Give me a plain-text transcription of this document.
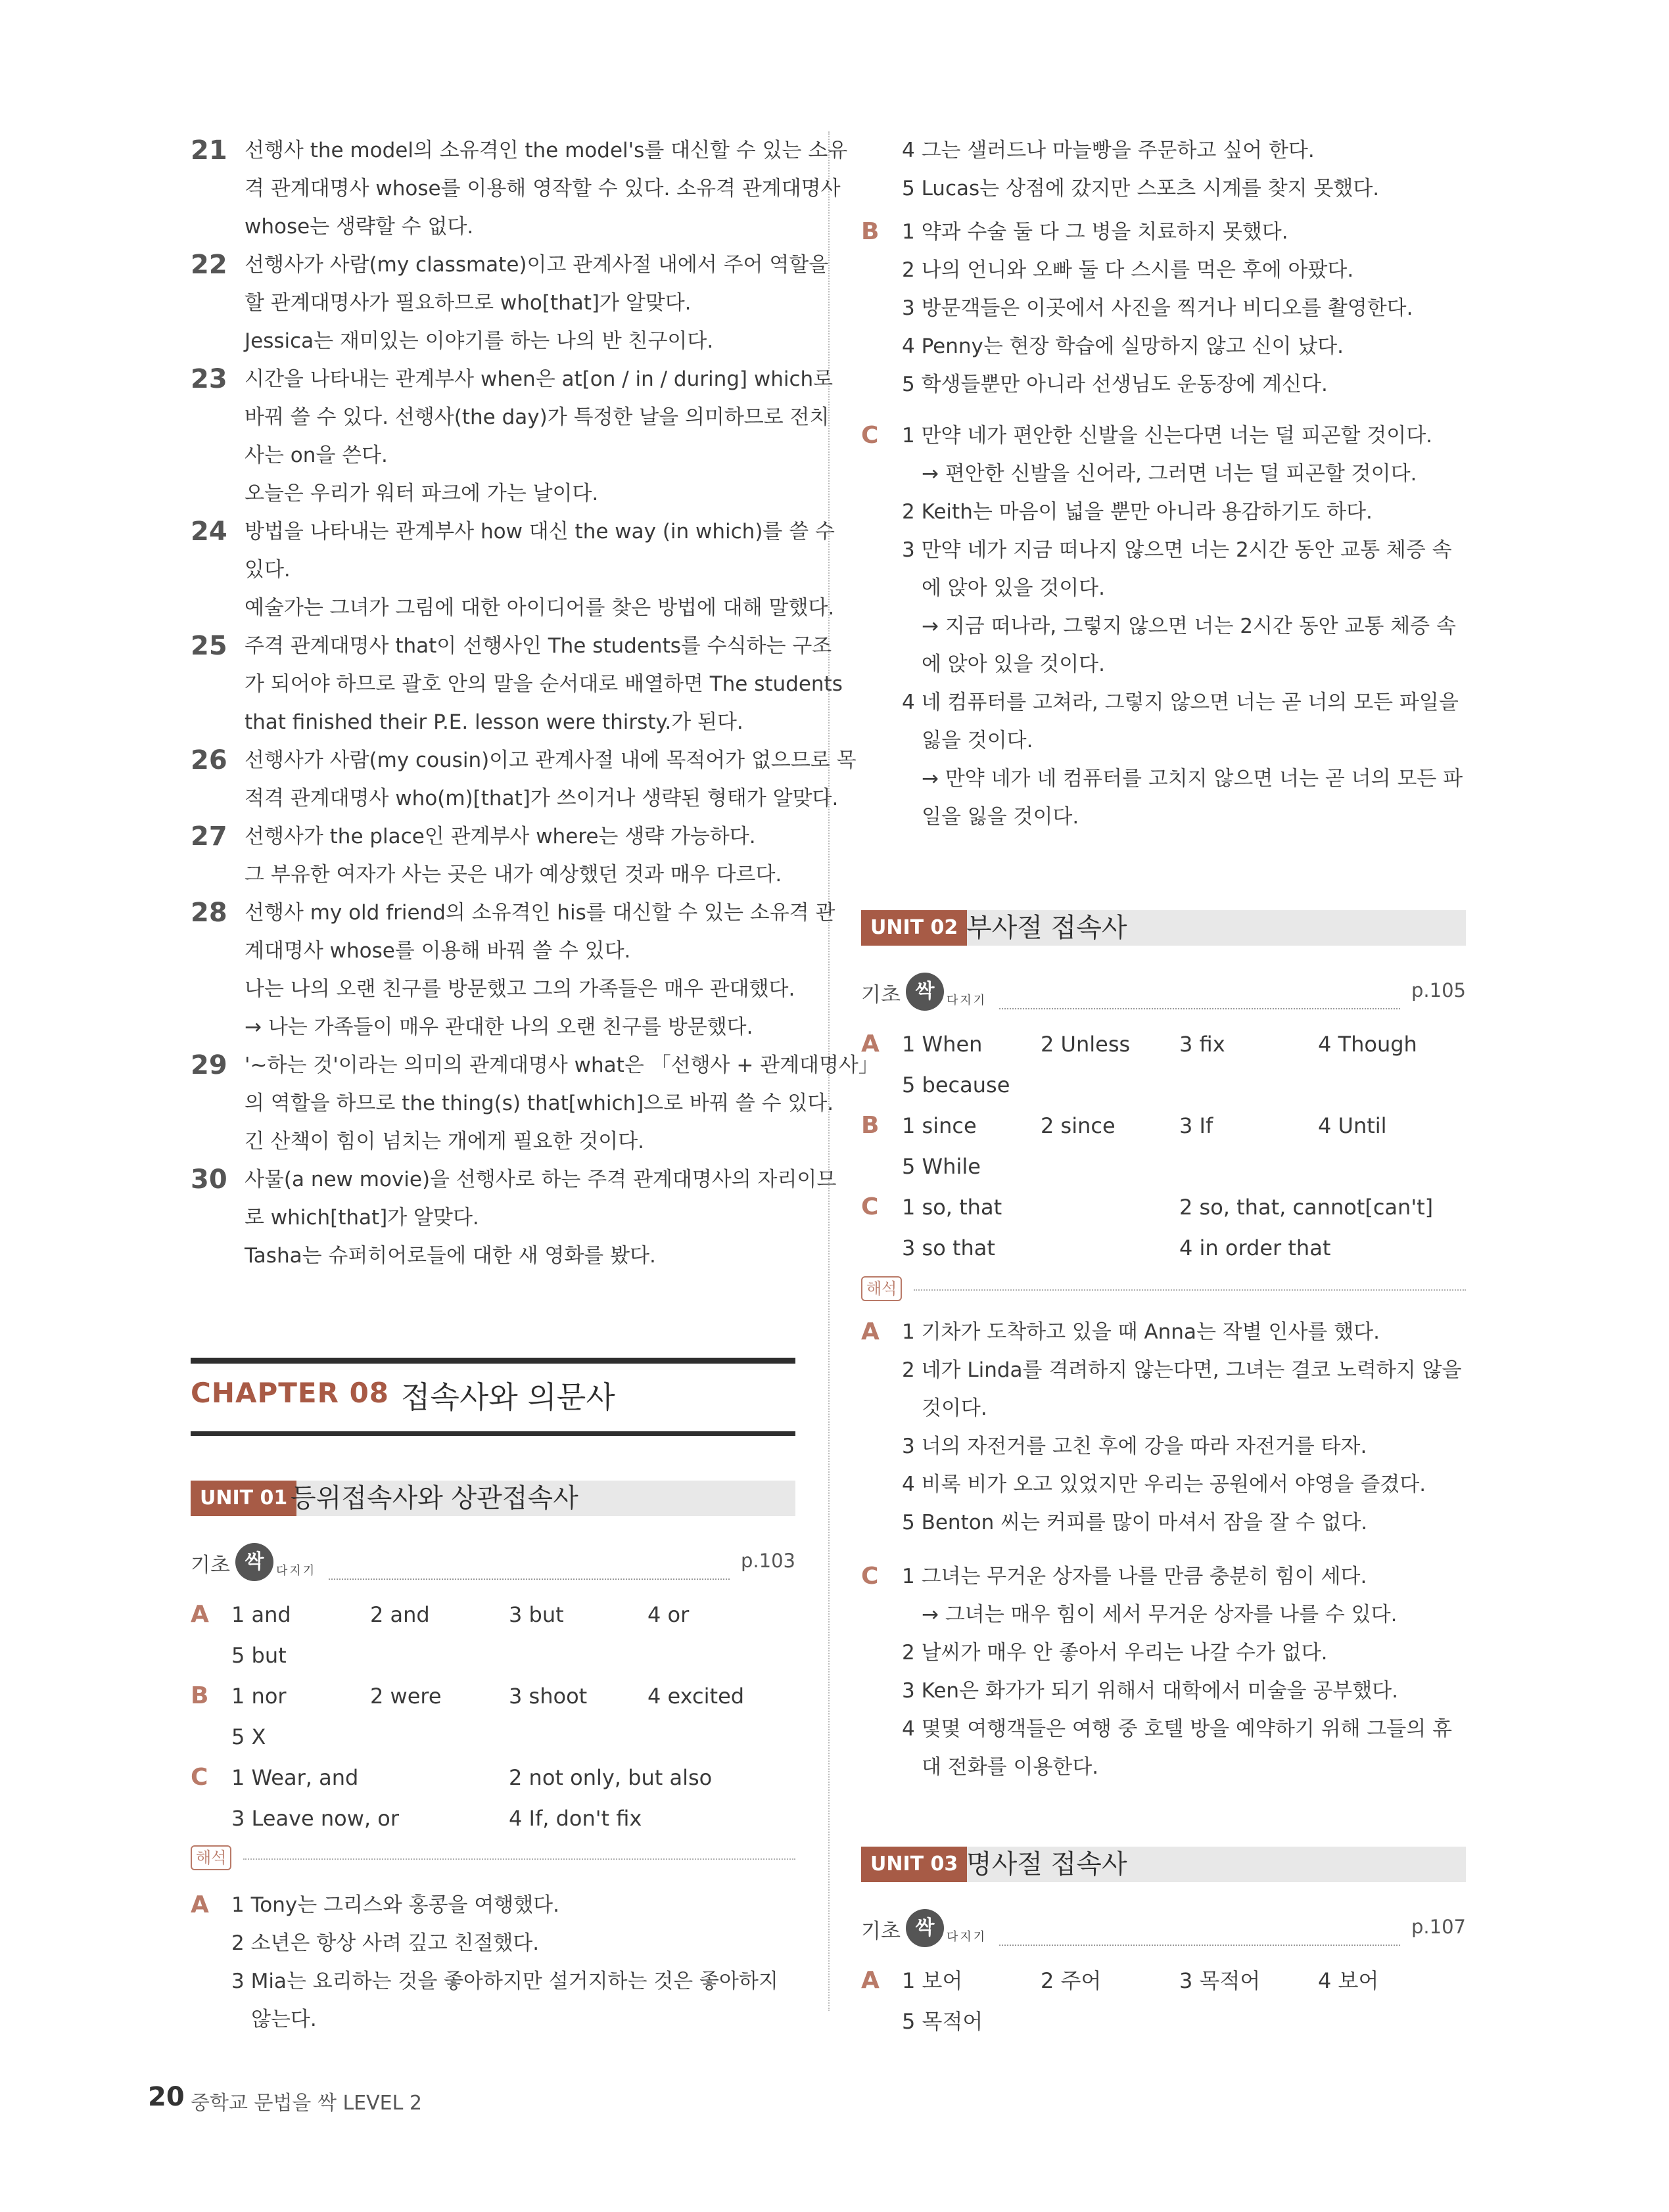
21 선행사 the model의 소유격인 the model's를 대신할 수 있는 소유
격 관계대명사 whose를 이용해 영작할 수 있다. 소유격 관계대명사
whose는 생략할 수 없다.
22 선행사가 사람(my classmate)이고 관계사절 내에서 주어 역할을
할 관계대명사가 필요하므로 who[that]가 알맞다.
Jessica는 재미있는 이야기를 하는 나의 반 친구이다.
23 시간을 나타내는 관계부사 when은 at[on / in / during] which로
바꿔 쓸 수 있다. 선행사(the day)가 특정한 날을 의미하므로 전치
사는 on을 쓴다.
오늘은 우리가 워터 파크에 가는 날이다.
24 방법을 나타내는 관계부사 how 대신 the way (in which)를 쓸 수
있다.
예술가는 그녀가 그림에 대한 아이디어를 찾은 방법에 대해 말했다.
25 주격 관계대명사 that이 선행사인 The students를 수식하는 구조
가 되어야 하므로 괄호 안의 말을 순서대로 배열하면 The students
that finished their P.E. lesson were thirsty.가 된다.
26 선행사가 사람(my cousin)이고 관계사절 내에 목적어가 없으므로 목
적격 관계대명사 who(m)[that]가 쓰이거나 생략된 형태가 알맞다.
27 선행사가 the place인 관계부사 where는 생략 가능하다.
그 부유한 여자가 사는 곳은 내가 예상했던 것과 매우 다르다.
28 선행사 my old friend의 소유격인 his를 대신할 수 있는 소유격 관
계대명사 whose를 이용해 바꿔 쓸 수 있다.
나는 나의 오랜 친구를 방문했고 그의 가족들은 매우 관대했다.
→ 나는 가족들이 매우 관대한 나의 오랜 친구를 방문했다.
29 '~하는 것'이라는 의미의 관계대명사 what은 「선행사 + 관계대명사」
의 역할을 하므로 the thing(s) that[which]으로 바꿔 쓸 수 있다.
긴 산책이 힘이 넘치는 개에게 필요한 것이다.
30 사물(a new movie)을 선행사로 하는 주격 관계대명사의 자리이므
로 which[that]가 알맞다.
Tasha는 슈퍼히어로들에 대한 새 영화를 봤다.
CHAPTER 08 접속사와 의문사
UNIT 01 등위접속사와 상관접속사
기초 싹	다지기	p.103
A 1 and	2 and	3 but	4 or
5 but
B 1 nor	2 were	3 shoot	4 excited
5 X
C 1 Wear, and	2 not only, but also
3 Leave now, or	4 If, don't fix
해석
A 1 Tony는 그리스와 홍콩을 여행했다.
2 소년은 항상 사려 깊고 친절했다.
3 Mia는 요리하는 것을 좋아하지만 설거지하는 것은 좋아하지
않는다.
4 그는 샐러드나 마늘빵을 주문하고 싶어 한다.
5 Lucas는 상점에 갔지만 스포츠 시계를 찾지 못했다.
B 1 약과 수술 둘 다 그 병을 치료하지 못했다.
2 나의 언니와 오빠 둘 다 스시를 먹은 후에 아팠다.
3 방문객들은 이곳에서 사진을 찍거나 비디오를 촬영한다.
4 Penny는 현장 학습에 실망하지 않고 신이 났다.
5 학생들뿐만 아니라 선생님도 운동장에 계신다.
C 1 만약 네가 편안한 신발을 신는다면 너는 덜 피곤할 것이다.
→ 편안한 신발을 신어라, 그러면 너는 덜 피곤할 것이다.
2 Keith는 마음이 넓을 뿐만 아니라 용감하기도 하다.
3 만약 네가 지금 떠나지 않으면 너는 2시간 동안 교통 체증 속
에 앉아 있을 것이다.
→ 지금 떠나라, 그렇지 않으면 너는 2시간 동안 교통 체증 속
에 앉아 있을 것이다.
4 네 컴퓨터를 고쳐라, 그렇지 않으면 너는 곧 너의 모든 파일을
잃을 것이다.
→ 만약 네가 네 컴퓨터를 고치지 않으면 너는 곧 너의 모든 파
일을 잃을 것이다.
UNIT 02 부사절 접속사
기초 싹	다지기	p.105
A 1 When	2 Unless 3 fix	4 Though
5 because
B 1 since	2 since	3 If	4 Until
5 While
C 1 so, that	2 so, that, cannot[can't]
3 so that	4 in order that
해석
A 1 기차가 도착하고 있을 때 Anna는 작별 인사를 했다.
2 네가 Linda를 격려하지 않는다면, 그녀는 결코 노력하지 않을
것이다.
3 너의 자전거를 고친 후에 강을 따라 자전거를 타자.
4 비록 비가 오고 있었지만 우리는 공원에서 야영을 즐겼다.
5 Benton 씨는 커피를 많이 마셔서 잠을 잘 수 없다.
C 1 그녀는 무거운 상자를 나를 만큼 충분히 힘이 세다.
→ 그녀는 매우 힘이 세서 무거운 상자를 나를 수 있다.
2 날씨가 매우 안 좋아서 우리는 나갈 수가 없다.
3 Ken은 화가가 되기 위해서 대학에서 미술을 공부했다.
4 몇몇 여행객들은 여행 중 호텔 방을 예약하기 위해 그들의 휴
대 전화를 이용한다.
UNIT 03 명사절 접속사
기초 싹	다지기	p.107
A 1 보어	2 주어	3 목적어	4 보어
5 목적어
20 중학교 문법을 싹 LEVEL 2
